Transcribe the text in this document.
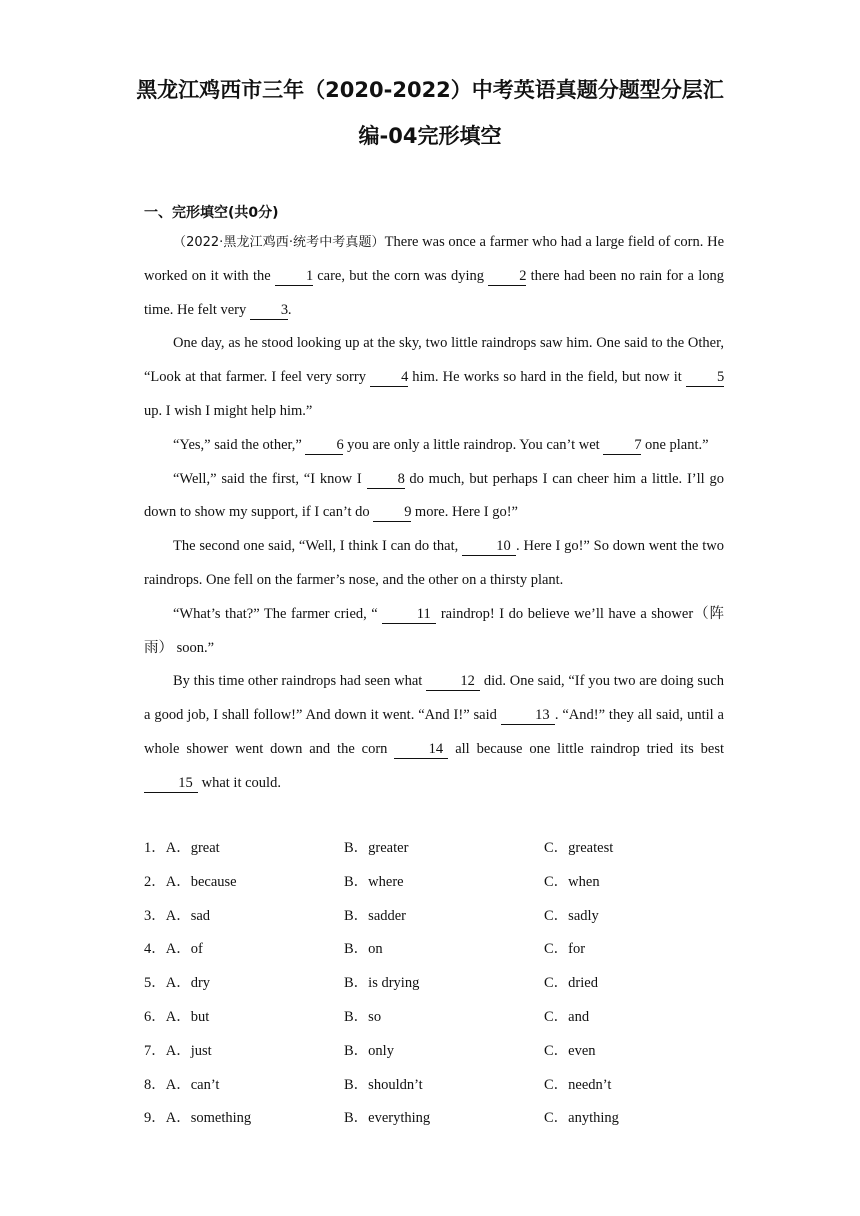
黑龙江鸡西市三年（2020-2022）中考英语真题分题型分层汇
编-04完形填空
一、完形填空(共0分)

（2022·黑龙江鸡西·统考中考真题）There was once a farmer who had a large field of corn. He worked on it with the 1 care, but the corn was dying 2 there had been no rain for a long time. He felt very 3.

One day, as he stood looking up at the sky, two little raindrops saw him. One said to the Other, “Look at that farmer. I feel very sorry 4 him. He works so hard in the field, but now it 5 up. I wish I might help him.”

“Yes,” said the other,” 6 you are only a little raindrop. You can’t wet 7 one plant.”

“Well,” said the first, “I know I 8 do much, but perhaps I can cheer him a little. I’ll go down to show my support, if I can’t do 9 more. Here I go!”

The second one said, “Well, I think I can do that, 10 . Here I go!” So down went the two raindrops. One fell on the farmer’s nose, and the other on a thirsty plant.

“What’s that?” The farmer cried, “ 11 raindrop! I do believe we’ll have a shower（阵雨） soon.”

By this time other raindrops had seen what 12 did. One said, “If you two are doing such a good job, I shall follow!” And down it went. “And I!” said 13 . “And!” they all said, until a whole shower went down and the corn 14 all because one little raindrop tried its best 15 what it could.

1．A．great	B．greater	C．greatest
2．A．because	B．where	C．when
3．A．sad	B．sadder	C．sadly
4．A．of	B．on	C．for
5．A．dry	B．is drying	C．dried
6．A．but	B．so	C．and
7．A．just	B．only	C．even
8．A．can’t	B．shouldn’t	C．needn’t
9．A．something	B．everything	C．anything
